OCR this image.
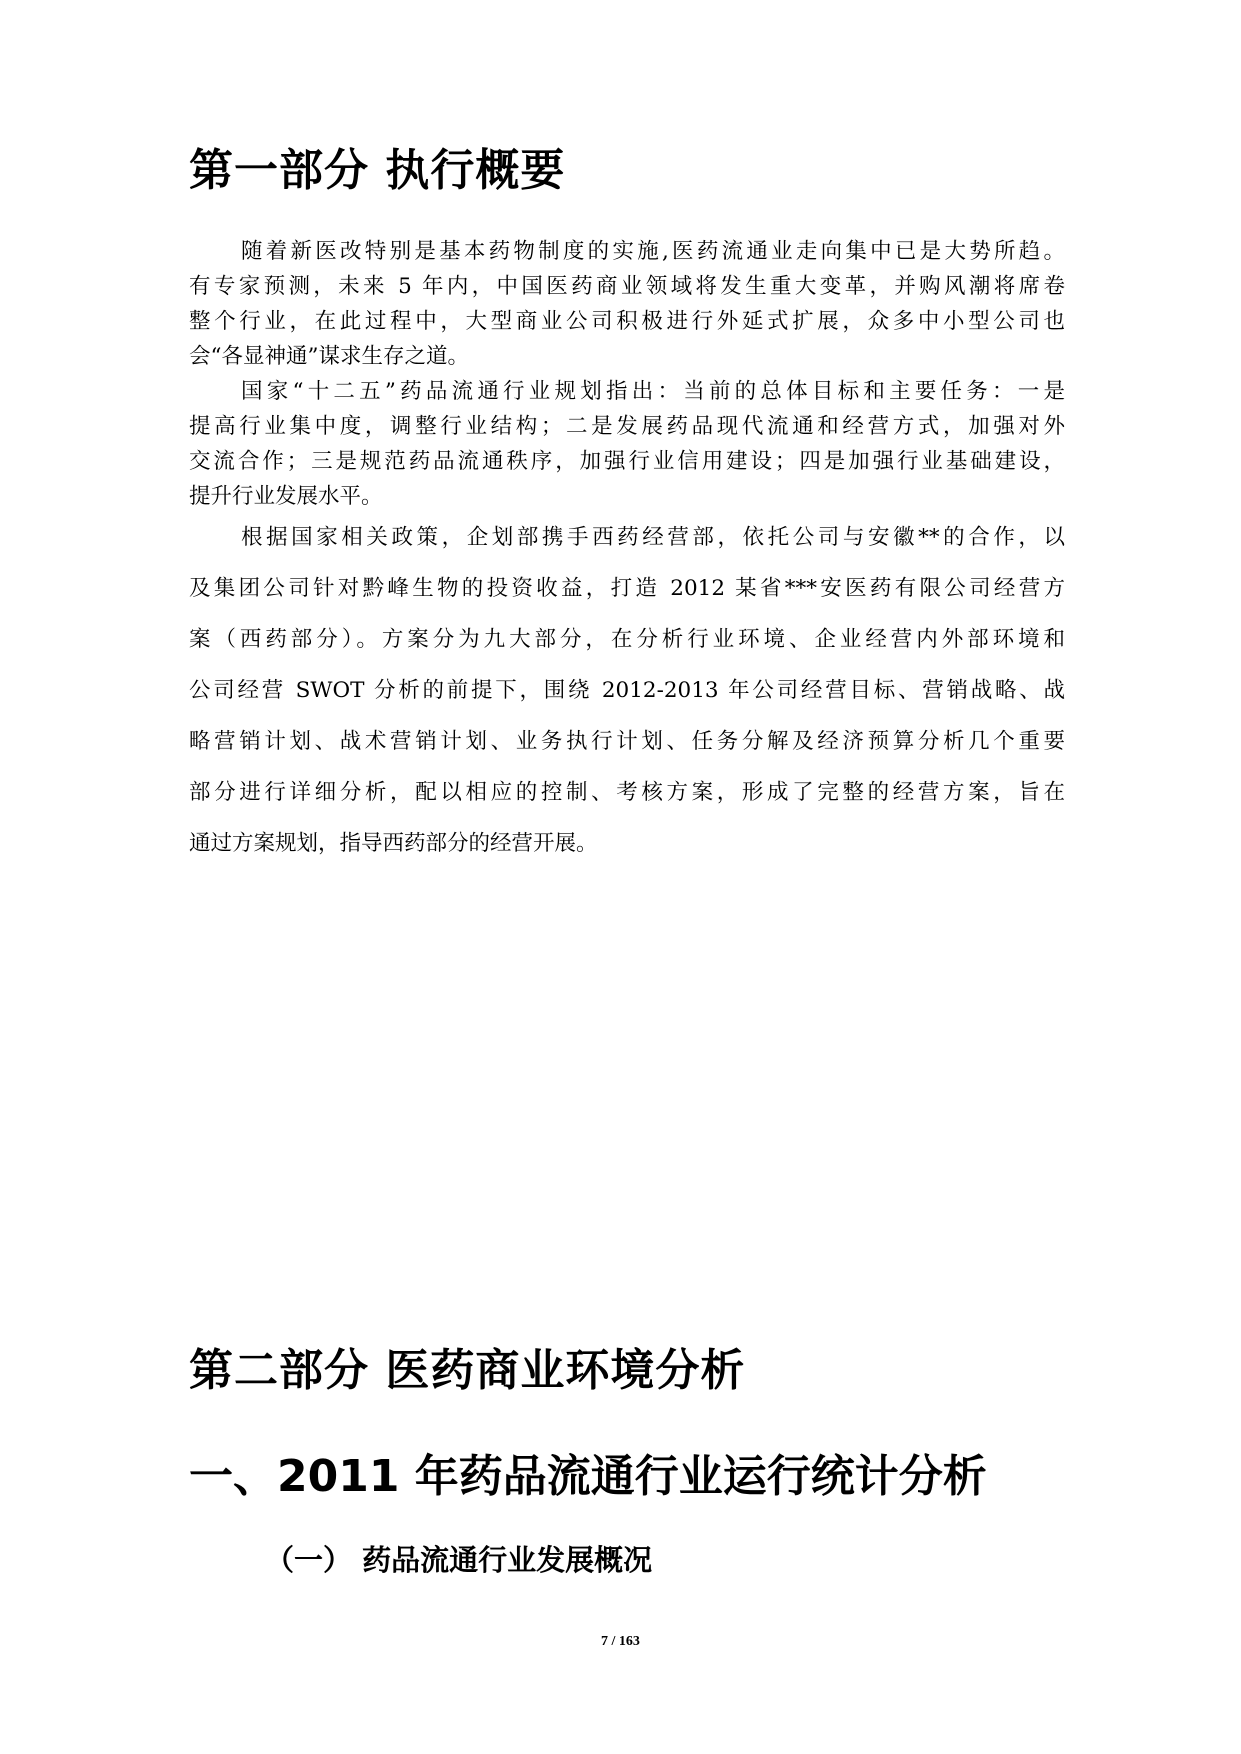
第一部分 执行概要
随着新医改特别是基本药物制度的实施,医药流通业走向集中已是大势所趋。
有专家预测，未来 5 年内，中国医药商业领域将发生重大变革，并购风潮将席卷
整个行业，在此过程中，大型商业公司积极进行外延式扩展，众多中小型公司也
会“各显神通”谋求生存之道。
国家“十二五”药品流通行业规划指出：当前的总体目标和主要任务：一是
提高行业集中度，调整行业结构；二是发展药品现代流通和经营方式，加强对外
交流合作；三是规范药品流通秩序，加强行业信用建设；四是加强行业基础建设，
提升行业发展水平。
根据国家相关政策，企划部携手西药经营部，依托公司与安徽**的合作，以
及集团公司针对黔峰生物的投资收益，打造 2012 某省***安医药有限公司经营方
案（西药部分）。方案分为九大部分，在分析行业环境、企业经营内外部环境和
公司经营 SWOT 分析的前提下，围绕 2012-2013 年公司经营目标、营销战略、战
略营销计划、战术营销计划、业务执行计划、任务分解及经济预算分析几个重要
部分进行详细分析，配以相应的控制、考核方案，形成了完整的经营方案，旨在
通过方案规划，指导西药部分的经营开展。
第二部分 医药商业环境分析
一、2011 年药品流通行业运行统计分析
（一） 药品流通行业发展概况
7 / 163
